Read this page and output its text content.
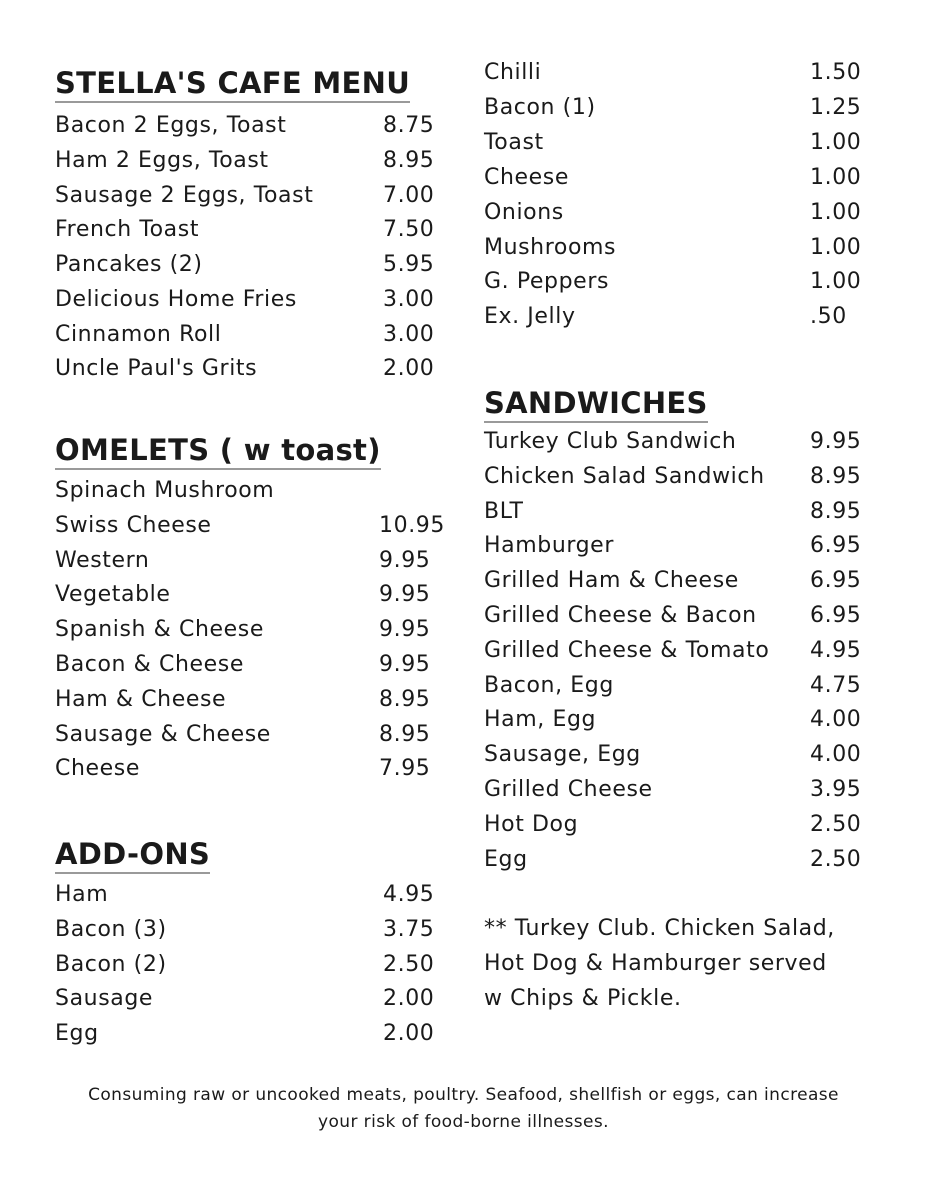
STELLA'S CAFE MENU
Bacon 2 Eggs, Toast	8.75
Ham 2 Eggs, Toast	8.95
Sausage 2 Eggs, Toast	7.00
French Toast	7.50
Pancakes (2)	5.95
Delicious Home Fries	3.00
Cinnamon Roll	3.00
Uncle Paul's Grits	2.00
OMELETS ( w toast)
Spinach Mushroom
Swiss Cheese	10.95
Western	9.95
Vegetable	9.95
Spanish & Cheese	9.95
Bacon & Cheese	9.95
Ham & Cheese	8.95
Sausage & Cheese	8.95
Cheese	7.95
ADD-ONS
Ham	4.95
Bacon (3)	3.75
Bacon (2)	2.50
Sausage	2.00
Egg	2.00
Chilli	1.50
Bacon (1)	1.25
Toast	1.00
Cheese	1.00
Onions	1.00
Mushrooms	1.00
G. Peppers	1.00
Ex. Jelly	.50
SANDWICHES
Turkey Club Sandwich	9.95
Chicken Salad Sandwich 8.95
BLT	8.95
Hamburger	6.95
Grilled Ham & Cheese	6.95
Grilled Cheese & Bacon 6.95
Grilled Cheese & Tomato 4.95
Bacon, Egg	4.75
Ham, Egg	4.00
Sausage, Egg	4.00
Grilled Cheese	3.95
Hot Dog	2.50
Egg	2.50
** Turkey Club. Chicken Salad,
Hot Dog & Hamburger served
w Chips & Pickle.
Consuming raw or uncooked meats, poultry. Seafood, shellfish or eggs, can increase
your risk of food-borne illnesses.
